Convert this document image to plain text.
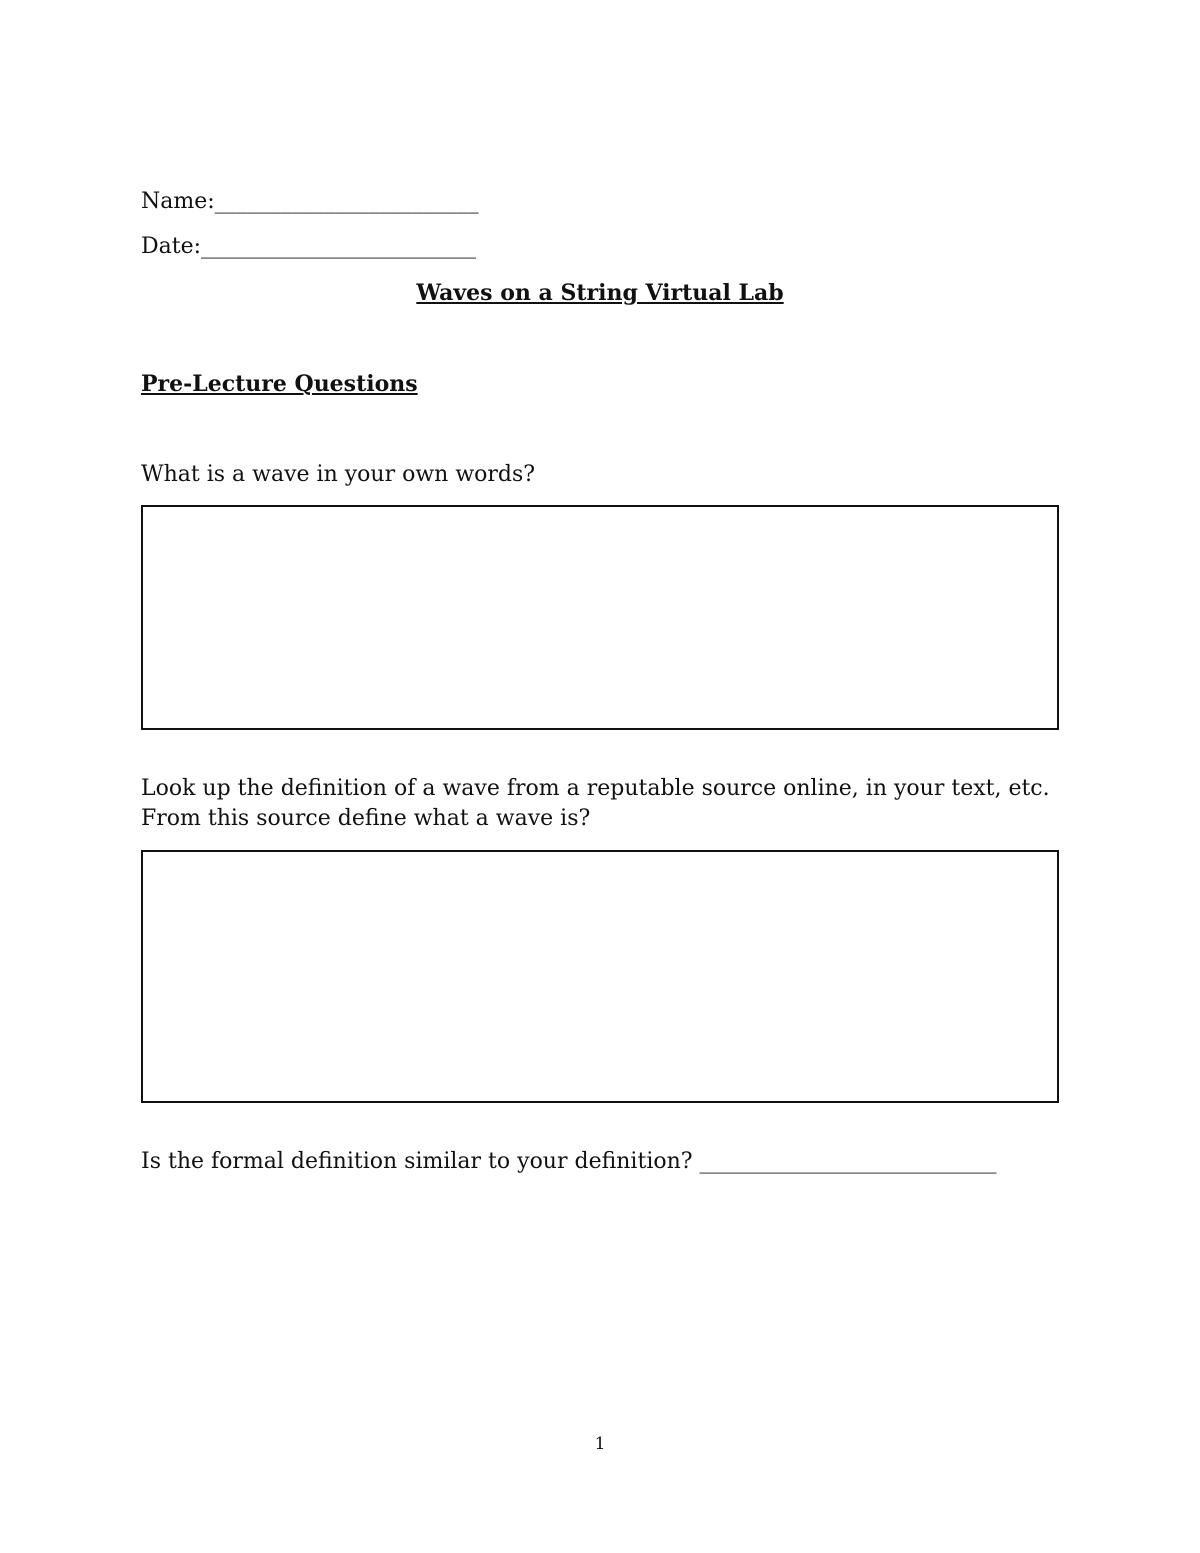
Name:________________________
Date:_________________________
Waves on a String Virtual Lab
Pre-Lecture Questions
What is a wave in your own words?
Look up the definition of a wave from a reputable source online, in your text, etc. From this source define what a wave is?
Is the formal definition similar to your definition? ___________________________
1
